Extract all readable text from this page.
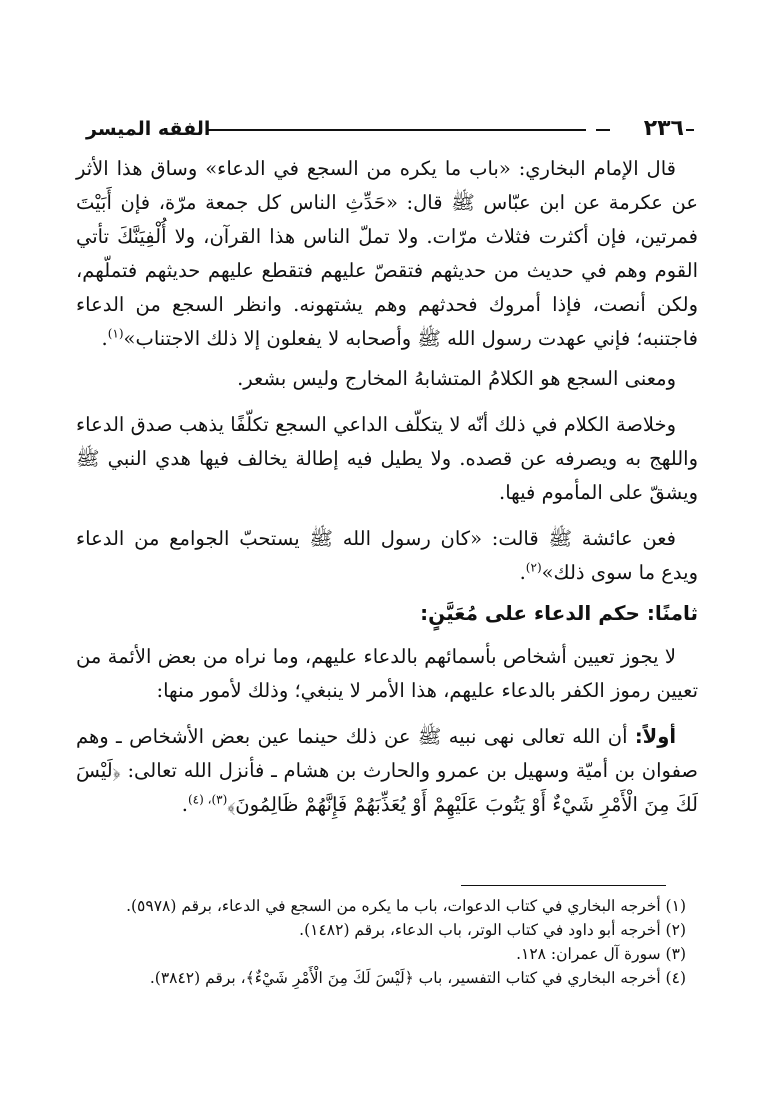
٢٣٦
الفقه الميسر

قال الإمام البخاري: «باب ما يكره من السجع في الدعاء» وساق هذا الأثر عن عكرمة عن ابن عبّاس ﷺ قال: «حَدِّثِ الناس كل جمعة مرّة، فإن أَبَيْتَ فمرتين، فإن أكثرت فثلاث مرّات. ولا تملّ الناس هذا القرآن، ولا أُلْفِيَنَّكَ تأتي القوم وهم في حديث من حديثهم فتقصّ عليهم فتقطع عليهم حديثهم فتملّهم، ولكن أنصت، فإذا أمروك فحدثهم وهم يشتهونه. وانظر السجع من الدعاء فاجتنبه؛ فإني عهدت رسول الله ﷺ وأصحابه لا يفعلون إلا ذلك الاجتناب»$^{(١)}$.

ومعنى السجع هو الكلامُ المتشابهُ المخارج وليس بشعر.

وخلاصة الكلام في ذلك أنّه لا يتكلّف الداعي السجع تكلّفًا يذهب صدق الدعاء واللهج به ويصرفه عن قصده. ولا يطيل فيه إطالة يخالف فيها هدي النبي ﷺ ويشقّ على المأموم فيها.

فعن عائشة ﷺ قالت: «كان رسول الله ﷺ يستحبّ الجوامع من الدعاء ويدع ما سوى ذلك»$^{(٢)}$.

ثامنًا: حكم الدعاء على مُعَيَّنٍ:

لا يجوز تعيين أشخاص بأسمائهم بالدعاء عليهم، وما نراه من بعض الأئمة من تعيين رموز الكفر بالدعاء عليهم، هذا الأمر لا ينبغي؛ وذلك لأمور منها:

أولاً: أن الله تعالى نهى نبيه ﷺ عن ذلك حينما عين بعض الأشخاص ـ وهم صفوان بن أميّة وسهيل بن عمرو والحارث بن هشام ـ فأنزل الله تعالى: ﴿لَيْسَ لَكَ مِنَ الْأَمْرِ شَيْءٌ أَوْ يَتُوبَ عَلَيْهِمْ أَوْ يُعَذِّبَهُمْ فَإِنَّهُمْ ظَالِمُونَ﴾$^{(٣)، (٤)}$.

(١) أخرجه البخاري في كتاب الدعوات، باب ما يكره من السجع في الدعاء، برقم (٥٩٧٨).

(٢) أخرجه أبو داود في كتاب الوتر، باب الدعاء، برقم (١٤٨٢).

(٣) سورة آل عمران: ١٢٨.

(٤) أخرجه البخاري في كتاب التفسير، باب ﴿لَيْسَ لَكَ مِنَ الْأَمْرِ شَيْءٌ﴾، برقم (٣٨٤٢).
